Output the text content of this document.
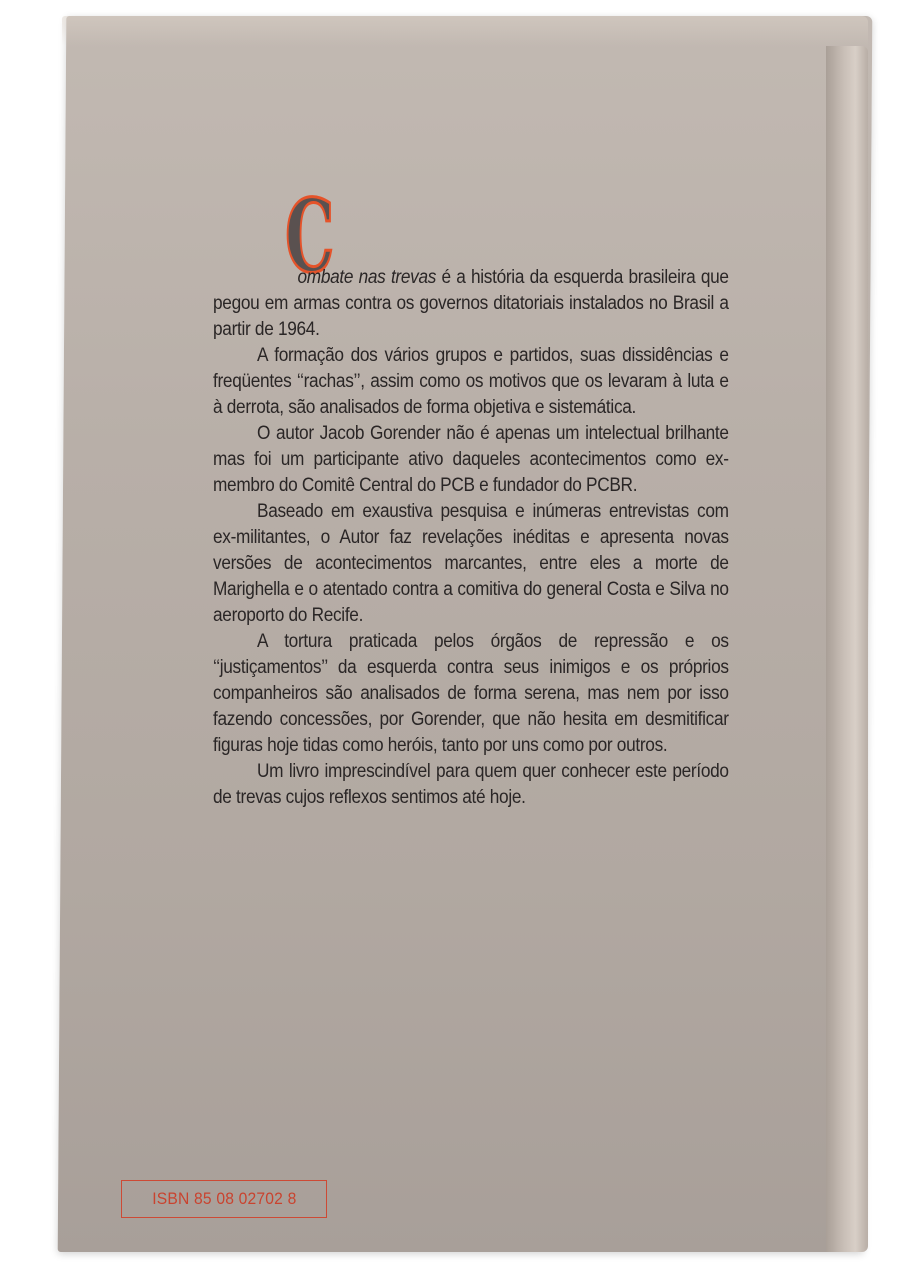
C

ombate nas trevas é a história da esquerda brasileira que pegou em armas contra os governos ditatoriais instalados no Brasil a partir de 1964.

A formação dos vários grupos e partidos, suas dissidências e freqüentes ‘‘rachas’’, assim como os motivos que os levaram à luta e à derrota, são analisados de forma objetiva e sistemática.

O autor Jacob Gorender não é apenas um intelectual brilhante mas foi um participante ativo daqueles acontecimentos como ex-membro do Comitê Central do PCB e fundador do PCBR.

Baseado em exaustiva pesquisa e inúmeras entrevistas com ex-militantes, o Autor faz revelações inéditas e apresenta novas versões de acontecimentos marcantes, entre eles a morte de Marighella e o atentado contra a comitiva do general Costa e Silva no aeroporto do Recife.

A tortura praticada pelos órgãos de repressão e os ‘‘justiçamentos’’ da esquerda contra seus inimigos e os próprios companheiros são analisados de forma serena, mas nem por isso fazendo concessões, por Gorender, que não hesita em desmitificar figuras hoje tidas como heróis, tanto por uns como por outros.

Um livro imprescindível para quem quer conhecer este período de trevas cujos reflexos sentimos até hoje.

ISBN 85 08 02702 8
